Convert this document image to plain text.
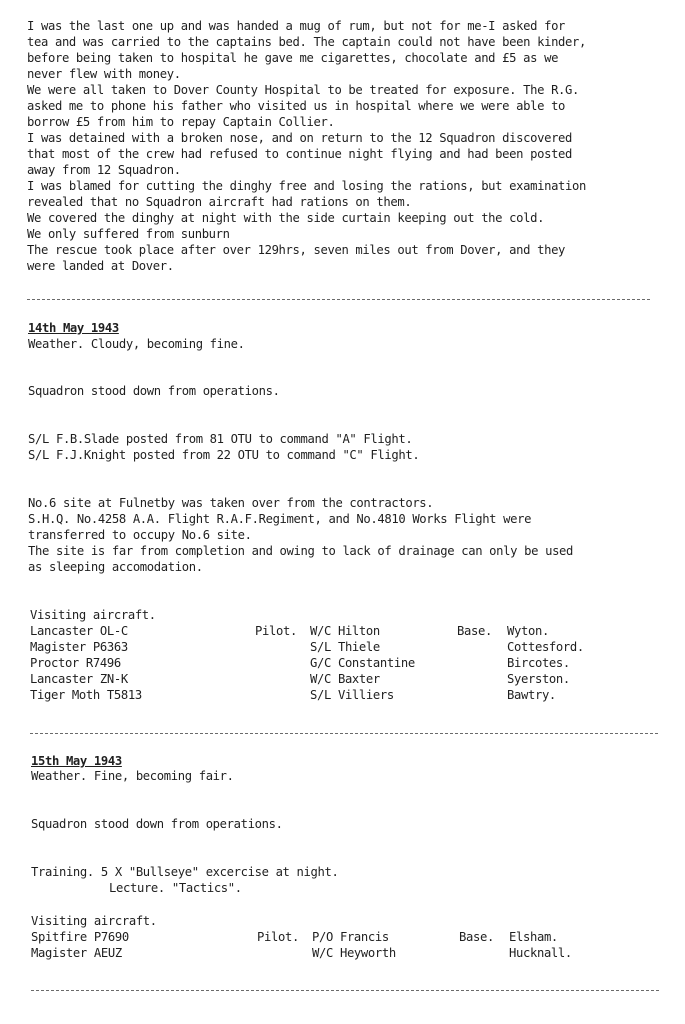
I was the last one up and was handed a mug of rum, but not for me-I asked for
tea and was carried to the captains bed. The captain could not have been kinder,
before being taken to hospital he gave me cigarettes, chocolate and £5 as we
never flew with money.
We were all taken to Dover County Hospital to be treated for exposure. The R.G.
asked me to phone his father who visited us in hospital where we were able to
borrow £5 from him to repay Captain Collier.
I was detained with a broken nose, and on return to the 12 Squadron discovered
that most of the crew had refused to continue night flying and had been posted
away from 12 Squadron.
I was blamed for cutting the dinghy free and losing the rations, but examination
revealed that no Squadron aircraft had rations on them.
We covered the dinghy at night with the side curtain keeping out the cold.
We only suffered from sunburn
The rescue took place after over 129hrs, seven miles out from Dover, and they
were landed at Dover.
14th May 1943
Weather. Cloudy, becoming fine.
Squadron stood down from operations.
S/L F.B.Slade posted from 81 OTU to command "A" Flight.
S/L F.J.Knight posted from 22 OTU to command "C" Flight.
No.6 site at Fulnetby was taken over from the contractors.
S.H.Q. No.4258 A.A. Flight R.A.F.Regiment, and No.4810 Works Flight were
transferred to occupy No.6 site.
The site is far from completion and owing to lack of drainage can only be used
as sleeping accomodation.
Visiting aircraft.
Lancaster OL-C	Pilot. W/C Hilton	Base. Wyton.
Magister P6363	S/L Thiele	Cottesford.
Proctor R7496	G/C Constantine	Bircotes.
Lancaster ZN-K	W/C Baxter	Syerston.
Tiger Moth T5813	S/L Villiers	Bawtry.
15th May 1943
Weather. Fine, becoming fair.
Squadron stood down from operations.
Training. 5 X "Bullseye" excercise at night.
Lecture. "Tactics".
Visiting aircraft.
Spitfire P7690	Pilot. P/O Francis	Base. Elsham.
Magister AEUZ	W/C Heyworth	Hucknall.
